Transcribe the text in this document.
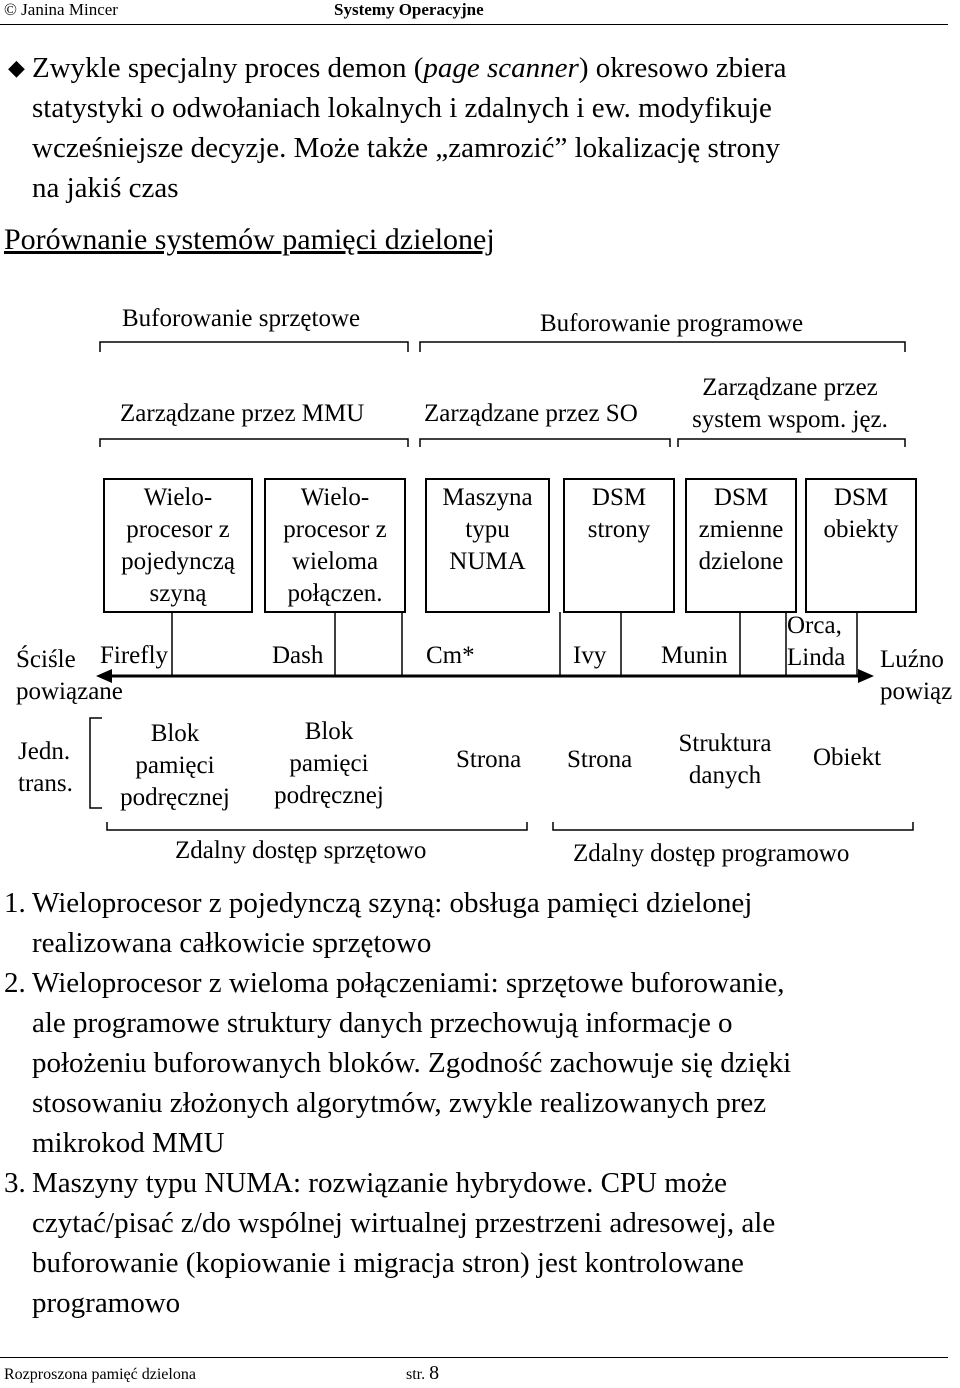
© Janina Mincer	Systemy Operacyjne
◆ Zwykle specjalny proces demon (page scanner) okresowo zbiera
statystyki o odwołaniach lokalnych i zdalnych i ew. modyfikuje
wcześniejsze decyzje. Może także „zamrozić” lokalizację strony
na jakiś czas
Porównanie systemów pamięci dzielonej
Buforowanie sprzętowe	Buforowanie programowe
Zarządzane przez MMU Zarządzane przez SO
Zarządzane przez
system wspom. jęz.
Wielo-
procesor z
pojedynczą
szyną
Wielo-
procesor z
wieloma
połączen.
Maszyna
typu
NUMA
DSM
strony
DSM
zmienne
dzielone
DSM
obiekty
Ściśle
powiązane
Luźno
powiąz
Firefly	Dash	Cm*	Ivy Munin
Orca,
Linda
Jedn.
trans.
Blok
pamięci
podręcznej
Blok
pamięci
podręcznej
Strona Strona
Struktura
danych
Obiekt
Zdalny dostęp sprzętowo	Zdalny dostęp programowo
1. Wieloprocesor z pojedynczą szyną: obsługa pamięci dzielonej
realizowana całkowicie sprzętowo
2. Wieloprocesor z wieloma połączeniami: sprzętowe buforowanie,
ale programowe struktury danych przechowują informacje o
położeniu buforowanych bloków. Zgodność zachowuje się dzięki
stosowaniu złożonych algorytmów, zwykle realizowanych prez
mikrokod MMU
3. Maszyny typu NUMA: rozwiązanie hybrydowe. CPU może
czytać/pisać z/do wspólnej wirtualnej przestrzeni adresowej, ale
buforowanie (kopiowanie i migracja stron) jest kontrolowane
programowo
Rozproszona pamięć dzielona	str. 8
